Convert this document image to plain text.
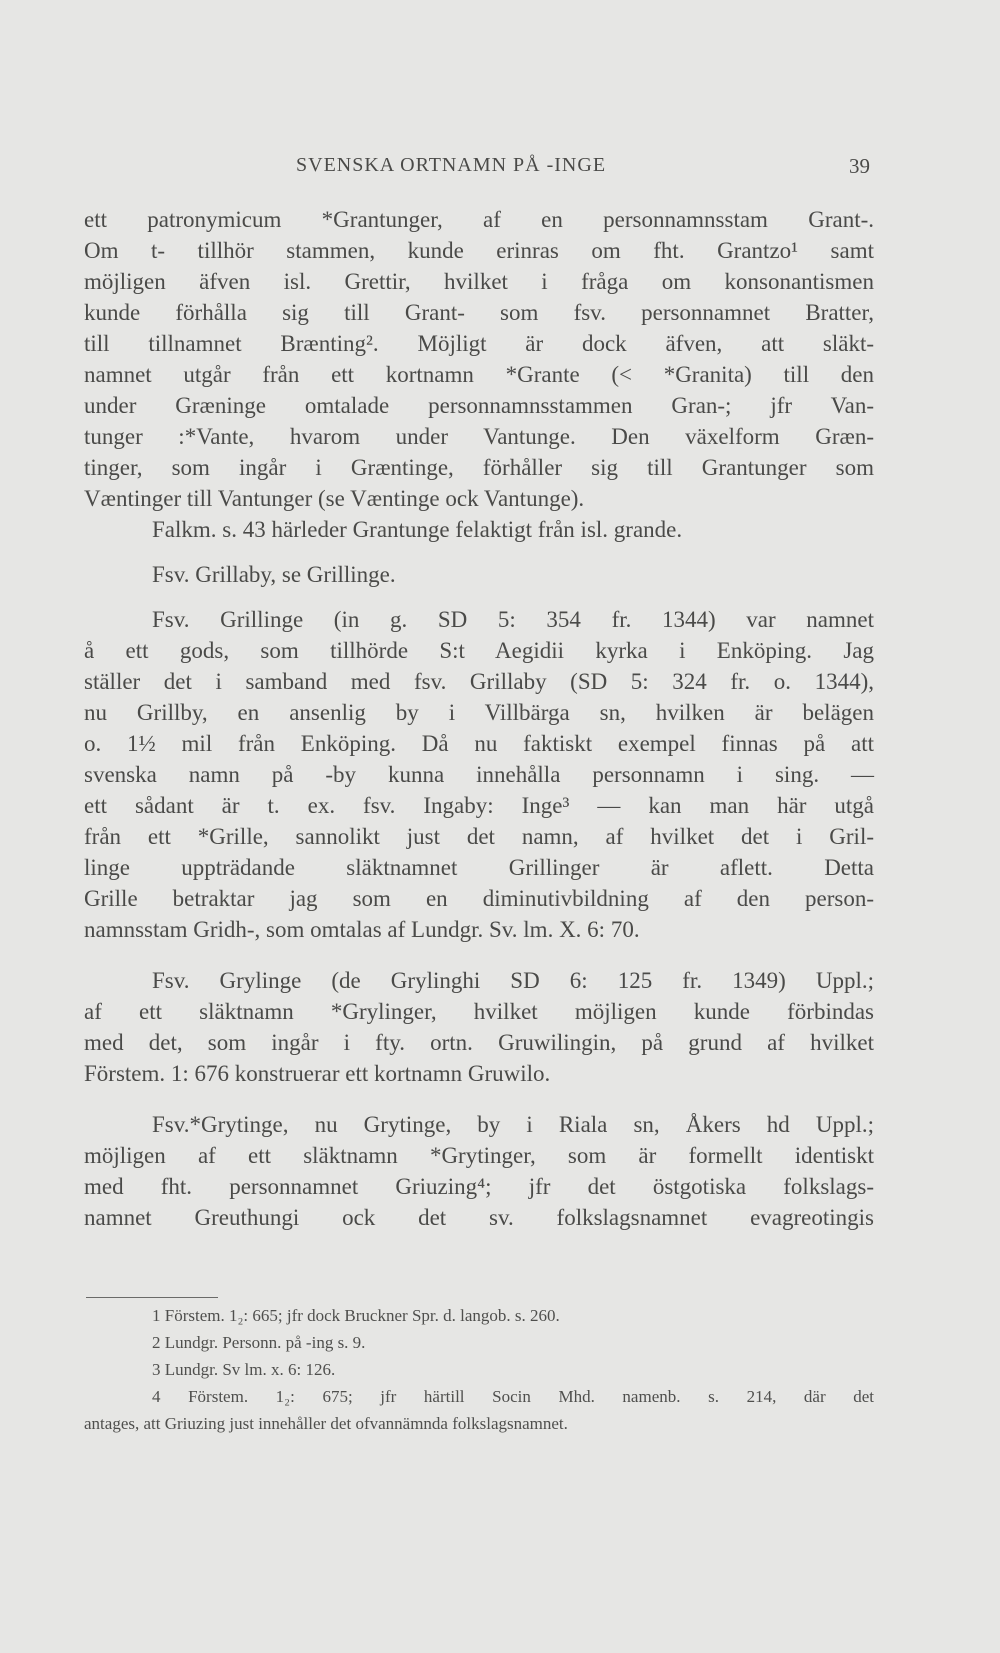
SVENSKA ORTNAMN PÅ -INGE	39
ett patronymicum *Grantunger, af en personnamnsstam Grant-.
Om t- tillhör stammen, kunde erinras om fht. Grantzo¹ samt
möjligen äfven isl. Grettir, hvilket i fråga om konsonantismen
kunde förhålla sig till Grant- som fsv. personnamnet Bratter,
till tillnamnet Brænting². Möjligt är dock äfven, att släkt-
namnet utgår från ett kortnamn *Grante (< *Granita) till den
under Græninge omtalade personnamnsstammen Gran-; jfr Van-
tunger :*Vante, hvarom under Vantunge. Den växelform Græn-
tinger, som ingår i Græntinge, förhåller sig till Grantunger som
Væntinger till Vantunger (se Væntinge ock Vantunge).
Falkm. s. 43 härleder Grantunge felaktigt från isl. grande.
Fsv. Grillaby, se Grillinge.
Fsv. Grillinge (in g. SD 5: 354 fr. 1344) var namnet
å ett gods, som tillhörde S:t Aegidii kyrka i Enköping. Jag
ställer det i samband med fsv. Grillaby (SD 5: 324 fr. o. 1344),
nu Grillby, en ansenlig by i Villbärga sn, hvilken är belägen
o. 1½ mil från Enköping. Då nu faktiskt exempel finnas på att
svenska namn på -by kunna innehålla personnamn i sing. —
ett sådant är t. ex. fsv. Ingaby: Inge³ — kan man här utgå
från ett *Grille, sannolikt just det namn, af hvilket det i Gril-
linge uppträdande släktnamnet Grillinger är aflett. Detta
Grille betraktar jag som en diminutivbildning af den person-
namnsstam Gridh-, som omtalas af Lundgr. Sv. lm. X. 6: 70.
Fsv. Grylinge (de Grylinghi SD 6: 125 fr. 1349) Uppl.;
af ett släktnamn *Grylinger, hvilket möjligen kunde förbindas
med det, som ingår i fty. ortn. Gruwilingin, på grund af hvilket
Förstem. 1: 676 konstruerar ett kortnamn Gruwilo.
Fsv.*Grytinge, nu Grytinge, by i Riala sn, Åkers hd Uppl.;
möjligen af ett släktnamn *Grytinger, som är formellt identiskt
med fht. personnamnet Griuzing⁴; jfr det östgotiska folkslags-
namnet Greuthungi ock det sv. folkslagsnamnet evagreotingis
1 Förstem. 1₂: 665; jfr dock Bruckner Spr. d. langob. s. 260.
2 Lundgr. Personn. på -ing s. 9.
3 Lundgr. Sv lm. x. 6: 126.
4 Förstem. 1₂: 675; jfr härtill Socin Mhd. namenb. s. 214, där det
antages, att Griuzing just innehåller det ofvannämnda folkslagsnamnet.
